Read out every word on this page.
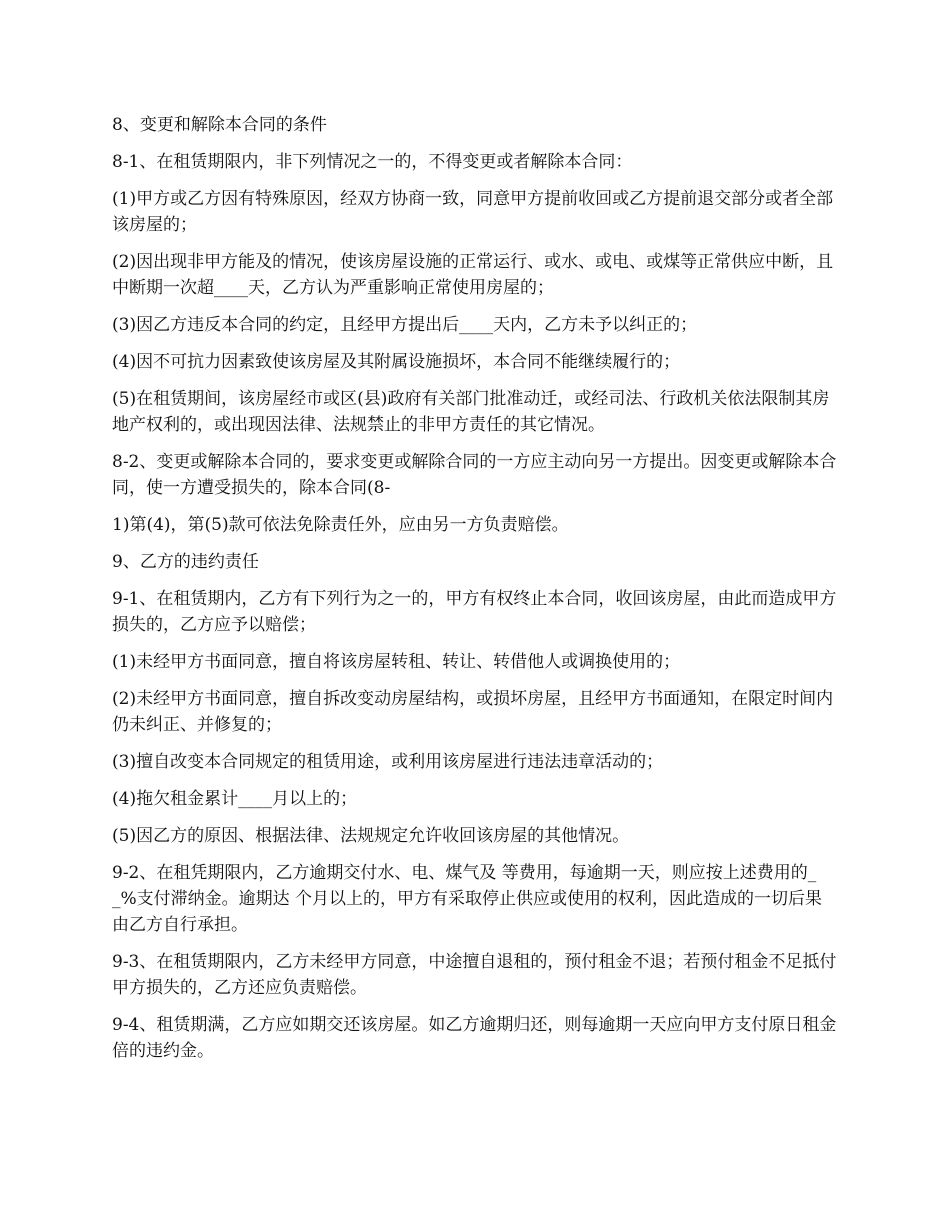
8、变更和解除本合同的条件

8-1、在租赁期限内，非下列情况之一的，不得变更或者解除本合同：

(1)甲方或乙方因有特殊原因，经双方协商一致，同意甲方提前收回或乙方提前退交部分或者全部该房屋的；

(2)因出现非甲方能及的情况，使该房屋设施的正常运行、或水、或电、或煤等正常供应中断，且中断期一次超____天，乙方认为严重影响正常使用房屋的；

(3)因乙方违反本合同的约定，且经甲方提出后____天内，乙方未予以纠正的；

(4)因不可抗力因素致使该房屋及其附属设施损坏，本合同不能继续履行的；

(5)在租赁期间，该房屋经市或区(县)政府有关部门批准动迁，或经司法、行政机关依法限制其房地产权利的，或出现因法律、法规禁止的非甲方责任的其它情况。

8-2、变更或解除本合同的，要求变更或解除合同的一方应主动向另一方提出。因变更或解除本合同，使一方遭受损失的，除本合同(8-

1)第(4)，第(5)款可依法免除责任外，应由另一方负责赔偿。

9、乙方的违约责任

9-1、在租赁期内，乙方有下列行为之一的，甲方有权终止本合同，收回该房屋，由此而造成甲方损失的，乙方应予以赔偿；

(1)未经甲方书面同意，擅自将该房屋转租、转让、转借他人或调换使用的；

(2)未经甲方书面同意，擅自拆改变动房屋结构，或损坏房屋，且经甲方书面通知，在限定时间内仍未纠正、并修复的；

(3)擅自改变本合同规定的租赁用途，或利用该房屋进行违法违章活动的；

(4)拖欠租金累计____月以上的；

(5)因乙方的原因、根据法律、法规规定允许收回该房屋的其他情况。

9-2、在租凭期限内，乙方逾期交付水、电、煤气及 等费用，每逾期一天，则应按上述费用的__%支付滞纳金。逾期达 个月以上的，甲方有采取停止供应或使用的权利，因此造成的一切后果由乙方自行承担。

9-3、在租赁期限内，乙方未经甲方同意，中途擅自退租的，预付租金不退；若预付租金不足抵付甲方损失的，乙方还应负责赔偿。

9-4、租赁期满，乙方应如期交还该房屋。如乙方逾期归还，则每逾期一天应向甲方支付原日租金 倍的违约金。
